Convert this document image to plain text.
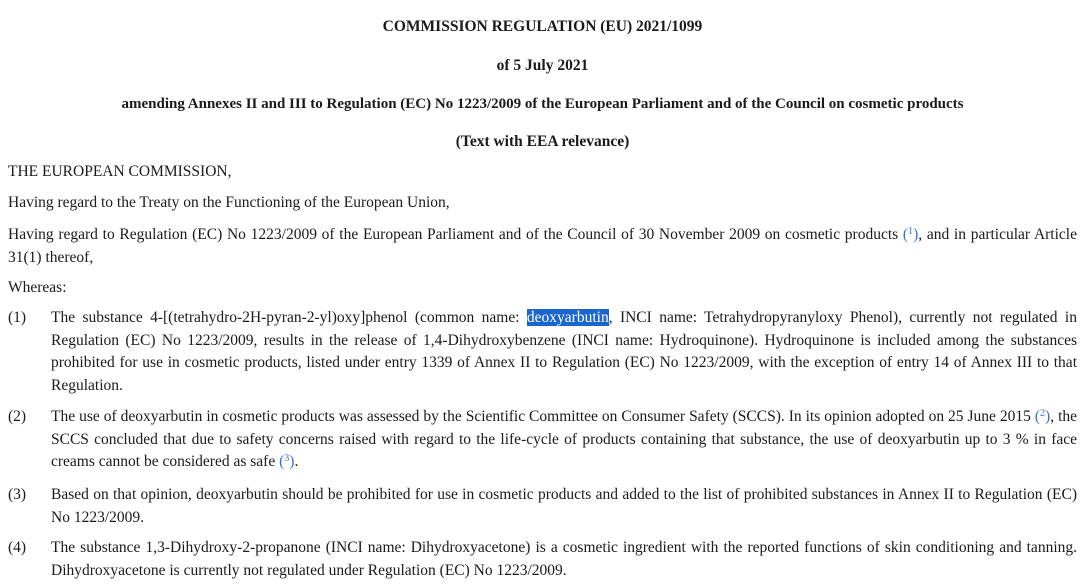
COMMISSION REGULATION (EU) 2021/1099
of 5 July 2021
amending Annexes II and III to Regulation (EC) No 1223/2009 of the European Parliament and of the Council on cosmetic products
(Text with EEA relevance)
THE EUROPEAN COMMISSION,
Having regard to the Treaty on the Functioning of the European Union,
Having regard to Regulation (EC) No 1223/2009 of the European Parliament and of the Council of 30 November 2009 on cosmetic products ($^1$), and in particular Article 31(1) thereof,
Whereas:
(1)	The substance 4-[(tetrahydro-2H-pyran-2-yl)oxy]phenol (common name: deoxyarbutin, INCI name: Tetrahydropyranyloxy Phenol), currently not regulated in Regulation (EC) No 1223/2009, results in the release of 1,4-Dihydroxybenzene (INCI name: Hydroquinone). Hydroquinone is included among the substances prohibited for use in cosmetic products, listed under entry 1339 of Annex II to Regulation (EC) No 1223/2009, with the exception of entry 14 of Annex III to that Regulation.
(2)	The use of deoxyarbutin in cosmetic products was assessed by the Scientific Committee on Consumer Safety (SCCS). In its opinion adopted on 25 June 2015 ($^2$), the SCCS concluded that due to safety concerns raised with regard to the life-cycle of products containing that substance, the use of deoxyarbutin up to 3 % in face creams cannot be considered as safe ($^3$).
(3)	Based on that opinion, deoxyarbutin should be prohibited for use in cosmetic products and added to the list of prohibited substances in Annex II to Regulation (EC) No 1223/2009.
(4)	The substance 1,3-Dihydroxy-2-propanone (INCI name: Dihydroxyacetone) is a cosmetic ingredient with the reported functions of skin conditioning and tanning. Dihydroxyacetone is currently not regulated under Regulation (EC) No 1223/2009.
